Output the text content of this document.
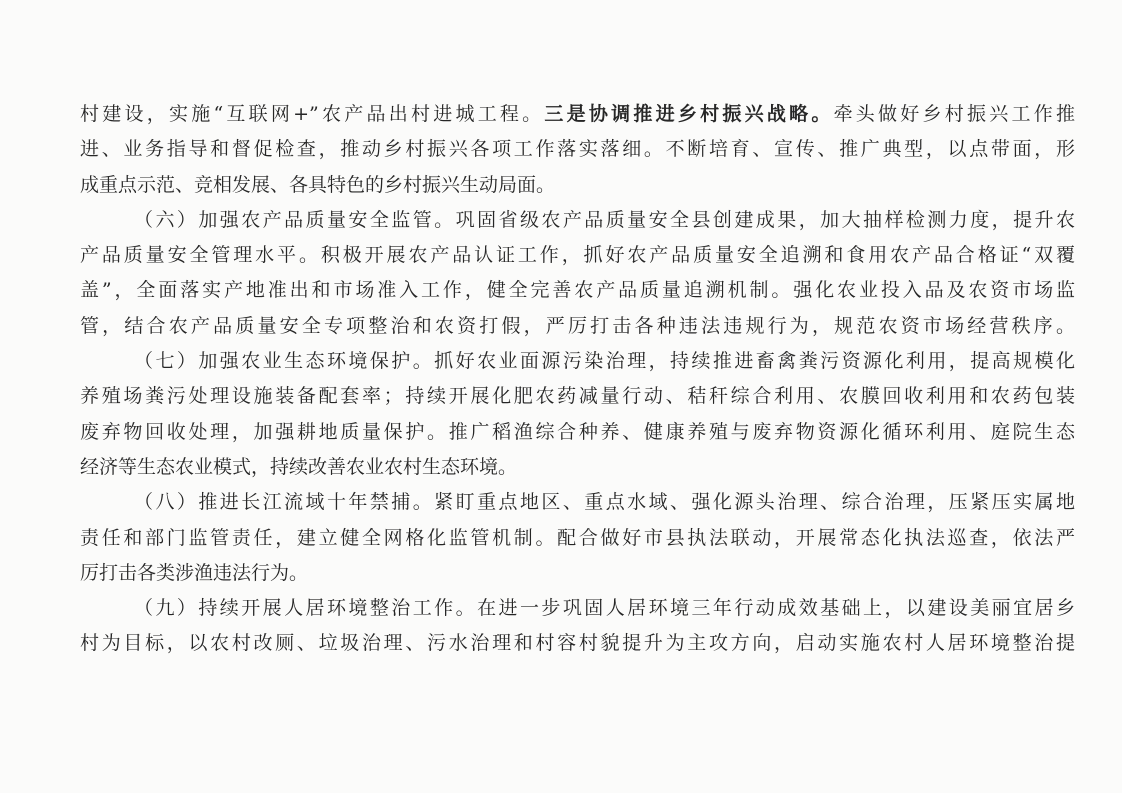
村建设，实施“互联网+”农产品出村进城工程。三是协调推进乡村振兴战略。牵头做好乡村振兴工作推
进、业务指导和督促检查，推动乡村振兴各项工作落实落细。不断培育、宣传、推广典型，以点带面，形
成重点示范、竞相发展、各具特色的乡村振兴生动局面。
（六）加强农产品质量安全监管。巩固省级农产品质量安全县创建成果，加大抽样检测力度，提升农
产品质量安全管理水平。积极开展农产品认证工作，抓好农产品质量安全追溯和食用农产品合格证“双覆
盖”，全面落实产地准出和市场准入工作，健全完善农产品质量追溯机制。强化农业投入品及农资市场监
管，结合农产品质量安全专项整治和农资打假，严厉打击各种违法违规行为，规范农资市场经营秩序。
（七）加强农业生态环境保护。抓好农业面源污染治理，持续推进畜禽粪污资源化利用，提高规模化
养殖场粪污处理设施装备配套率；持续开展化肥农药减量行动、秸秆综合利用、农膜回收利用和农药包装
废弃物回收处理，加强耕地质量保护。推广稻渔综合种养、健康养殖与废弃物资源化循环利用、庭院生态
经济等生态农业模式，持续改善农业农村生态环境。
（八）推进长江流域十年禁捕。紧盯重点地区、重点水域、强化源头治理、综合治理，压紧压实属地
责任和部门监管责任，建立健全网格化监管机制。配合做好市县执法联动，开展常态化执法巡查，依法严
厉打击各类涉渔违法行为。
（九）持续开展人居环境整治工作。在进一步巩固人居环境三年行动成效基础上，以建设美丽宜居乡
村为目标，以农村改厕、垃圾治理、污水治理和村容村貌提升为主攻方向，启动实施农村人居环境整治提
